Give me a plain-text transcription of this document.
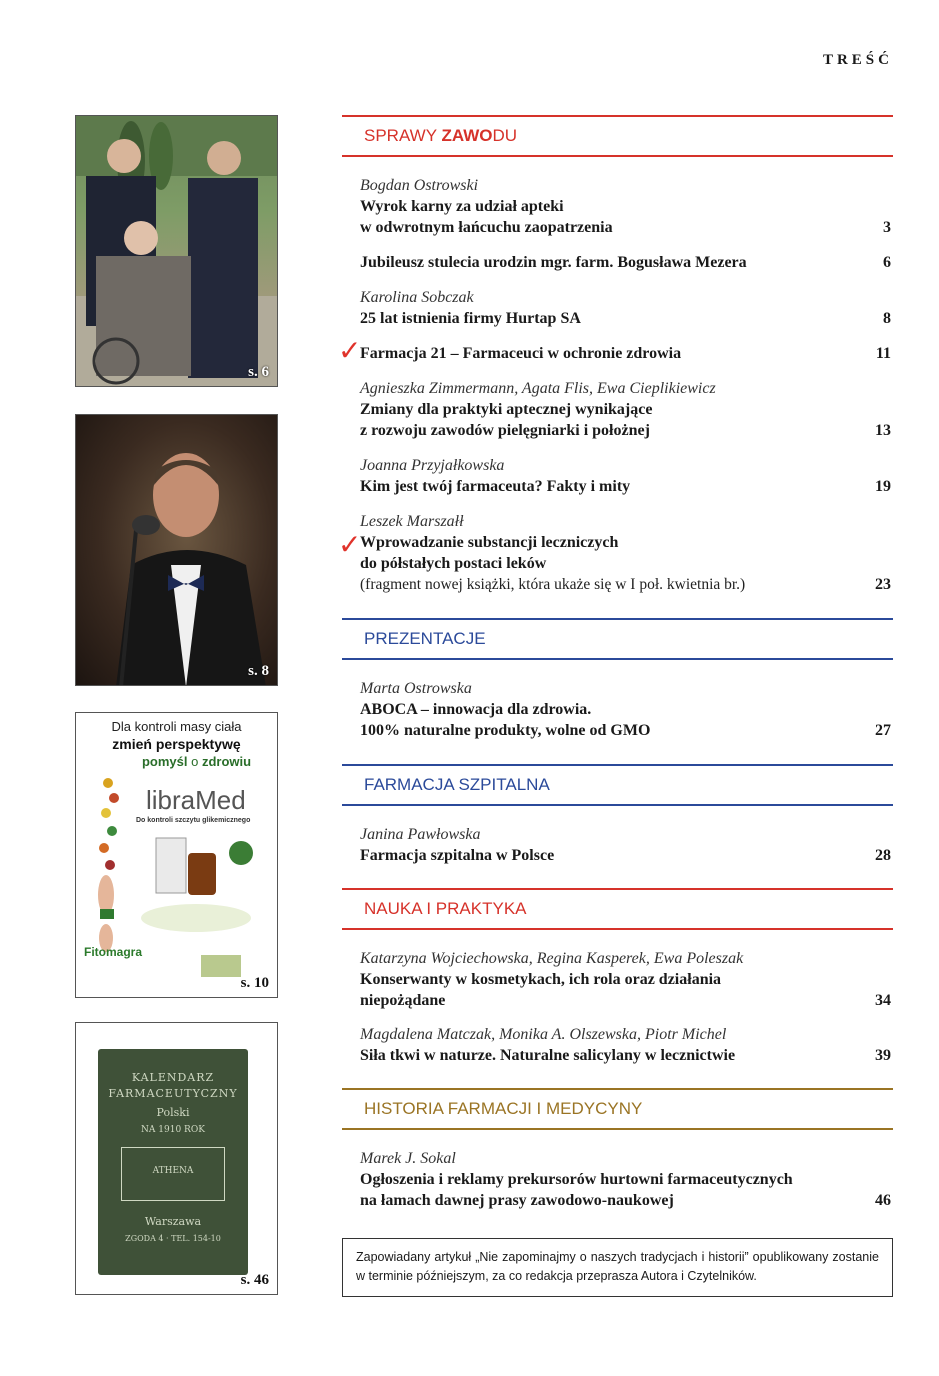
TREŚĆ
s. 6
s. 8
Dla kontroli masy ciała
zmień perspektywę
pomyśl o zdrowiu
libraMed
Do kontroli szczytu glikemicznego
Fitomagra
s. 10
KALENDARZ
FARMACEUTYCZNY
Polski
NA 1910 ROK
ATHENA
Warszawa
ZGODA 4 · TEL. 154-10
s. 46
SPRAWY ZAWODU
Bogdan Ostrowski
Wyrok karny za udział apteki
w odwrotnym łańcuchu zaopatrzenia	3
Jubileusz stulecia urodzin mgr. farm. Bogusława Mezera	6
Karolina Sobczak
25 lat istnienia firmy Hurtap SA	8
✓
Farmacja 21 – Farmaceuci w ochronie zdrowia	11
Agnieszka Zimmermann, Agata Flis, Ewa Cieplikiewicz
Zmiany dla praktyki aptecznej wynikające
z rozwoju zawodów pielęgniarki i położnej	13
Joanna Przyjałkowska
Kim jest twój farmaceuta? Fakty i mity	19
✓
Leszek Marszałł
Wprowadzanie substancji leczniczych
do półstałych postaci leków
(fragment nowej książki, która ukaże się w I poł. kwietnia br.)	23
PREZENTACJE
Marta Ostrowska
ABOCA – innowacja dla zdrowia.
100% naturalne produkty, wolne od GMO	27
FARMACJA SZPITALNA
Janina Pawłowska
Farmacja szpitalna w Polsce	28
NAUKA I PRAKTYKA
Katarzyna Wojciechowska, Regina Kasperek, Ewa Poleszak
Konserwanty w kosmetykach, ich rola oraz działania
niepożądane	34
Magdalena Matczak, Monika A. Olszewska, Piotr Michel
Siła tkwi w naturze. Naturalne salicylany w lecznictwie	39
HISTORIA FARMACJI I MEDYCYNY
Marek J. Sokal
Ogłoszenia i reklamy prekursorów hurtowni farmaceutycznych
na łamach dawnej prasy zawodowo-naukowej	46
Zapowiadany artykuł „Nie zapominajmy o naszych tradycjach i historii” opublikowany zostanie w terminie późniejszym, za co redakcja przeprasza Autora i Czytelników.
